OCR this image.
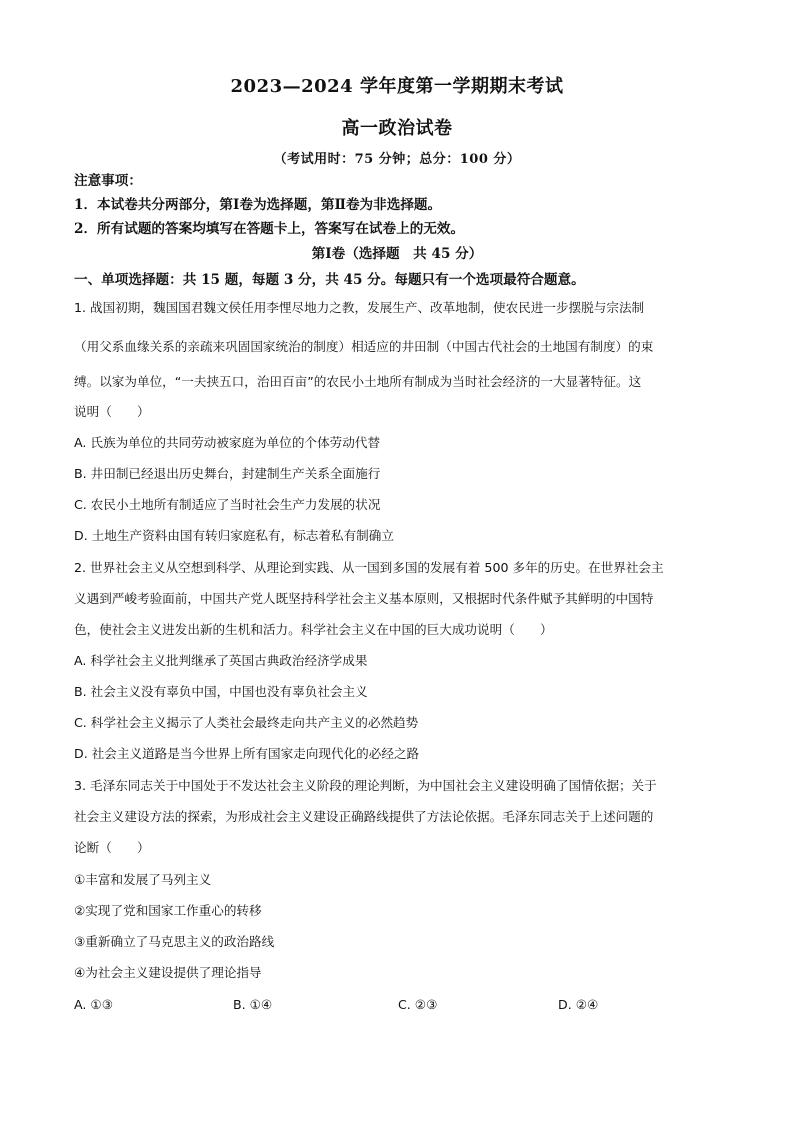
2023—2024 学年度第一学期期末考试
高一政治试卷
（考试用时：75 分钟；总分：100 分）
注意事项：
1．本试卷共分两部分，第Ⅰ卷为选择题，第Ⅱ卷为非选择题。
2．所有试题的答案均填写在答题卡上，答案写在试卷上的无效。
第Ⅰ卷（选择题　共 45 分）
一、单项选择题：共 15 题，每题 3 分，共 45 分。每题只有一个选项最符合题意。
1. 战国初期，魏国国君魏文侯任用李悝尽地力之教，发展生产、改革地制，使农民进一步摆脱与宗法制
（用父系血缘关系的亲疏来巩固国家统治的制度）相适应的井田制（中国古代社会的土地国有制度）的束
缚。以家为单位，“一夫挟五口，治田百亩”的农民小土地所有制成为当时社会经济的一大显著特征。这
说明（　　）
A. 氏族为单位的共同劳动被家庭为单位的个体劳动代替
B. 井田制已经退出历史舞台，封建制生产关系全面施行
C. 农民小土地所有制适应了当时社会生产力发展的状况
D. 土地生产资料由国有转归家庭私有，标志着私有制确立
2. 世界社会主义从空想到科学、从理论到实践、从一国到多国的发展有着 500 多年的历史。在世界社会主
义遇到严峻考验面前，中国共产党人既坚持科学社会主义基本原则，又根据时代条件赋予其鲜明的中国特
色，使社会主义进发出新的生机和活力。科学社会主义在中国的巨大成功说明（　　）
A. 科学社会主义批判继承了英国古典政治经济学成果
B. 社会主义没有辜负中国，中国也没有辜负社会主义
C. 科学社会主义揭示了人类社会最终走向共产主义的必然趋势
D. 社会主义道路是当今世界上所有国家走向现代化的必经之路
3. 毛泽东同志关于中国处于不发达社会主义阶段的理论判断，为中国社会主义建设明确了国情依据；关于
社会主义建设方法的探索，为形成社会主义建设正确路线提供了方法论依据。毛泽东同志关于上述问题的
论断（　　）
①丰富和发展了马列主义
②实现了党和国家工作重心的转移
③重新确立了马克思主义的政治路线
④为社会主义建设提供了理论指导
A. ①③	B. ①④	C. ②③	D. ②④
